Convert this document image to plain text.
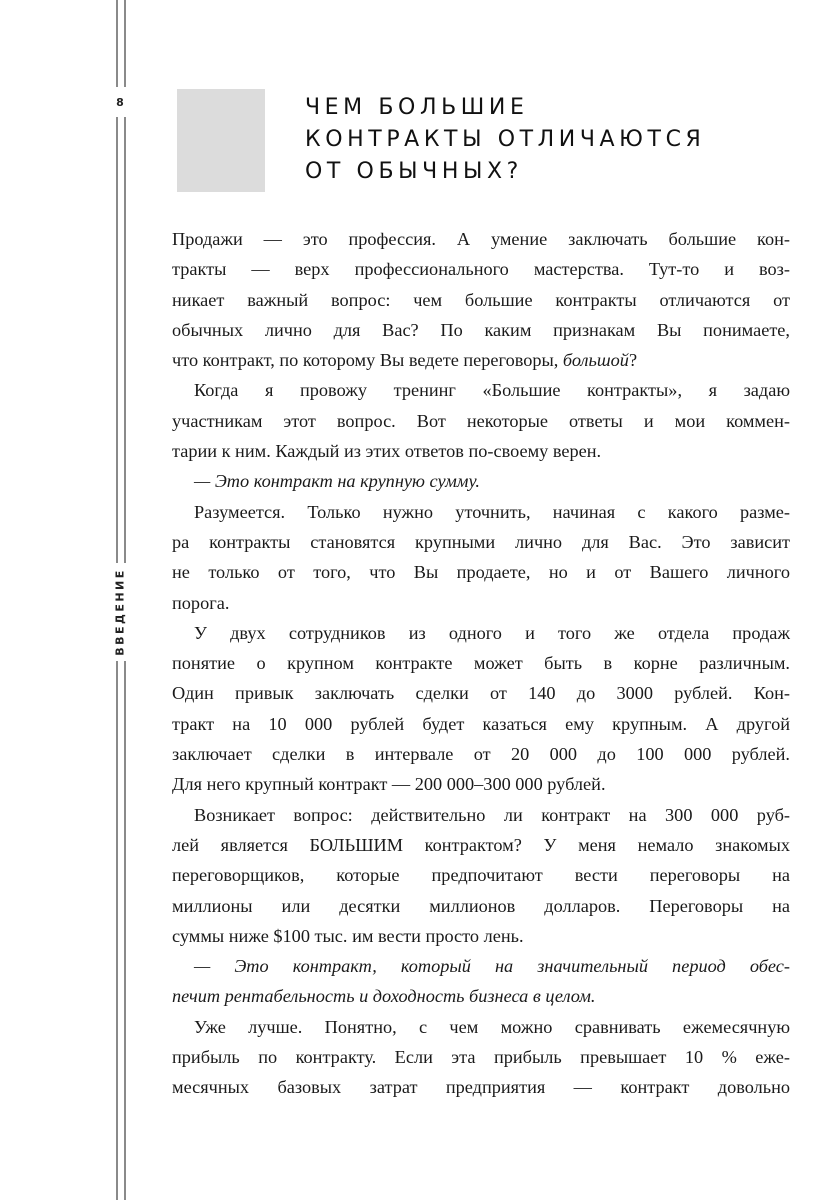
8
ВВЕДЕНИЕ
ЧЕМ БОЛЬШИЕ
КОНТРАКТЫ ОТЛИЧАЮТСЯ
ОТ ОБЫЧНЫХ?
Продажи — это профессия. А умение заключать большие кон-
тракты — верх профессионального мастерства. Тут-то и воз-
никает важный вопрос: чем большие контракты отличаются от
обычных лично для Вас? По каким признакам Вы понимаете,
что контракт, по которому Вы ведете переговоры, большой?
Когда я провожу тренинг «Большие контракты», я задаю
участникам этот вопрос. Вот некоторые ответы и мои коммен-
тарии к ним. Каждый из этих ответов по-своему верен.
— Это контракт на крупную сумму.
Разумеется. Только нужно уточнить, начиная с какого разме-
ра контракты становятся крупными лично для Вас. Это зависит
не только от того, что Вы продаете, но и от Вашего личного
порога.
У двух сотрудников из одного и того же отдела продаж
понятие о крупном контракте может быть в корне различным.
Один привык заключать сделки от 140 до 3000 рублей. Кон-
тракт на 10 000 рублей будет казаться ему крупным. А другой
заключает сделки в интервале от 20 000 до 100 000 рублей.
Для него крупный контракт — 200 000–300 000 рублей.
Возникает вопрос: действительно ли контракт на 300 000 руб-
лей является БОЛЬШИМ контрактом? У меня немало знакомых
переговорщиков, которые предпочитают вести переговоры на
миллионы или десятки миллионов долларов. Переговоры на
суммы ниже $100 тыс. им вести просто лень.
— Это контракт, который на значительный период обес-
печит рентабельность и доходность бизнеса в целом.
Уже лучше. Понятно, с чем можно сравнивать ежемесячную
прибыль по контракту. Если эта прибыль превышает 10 % еже-
месячных базовых затрат предприятия — контракт довольно
